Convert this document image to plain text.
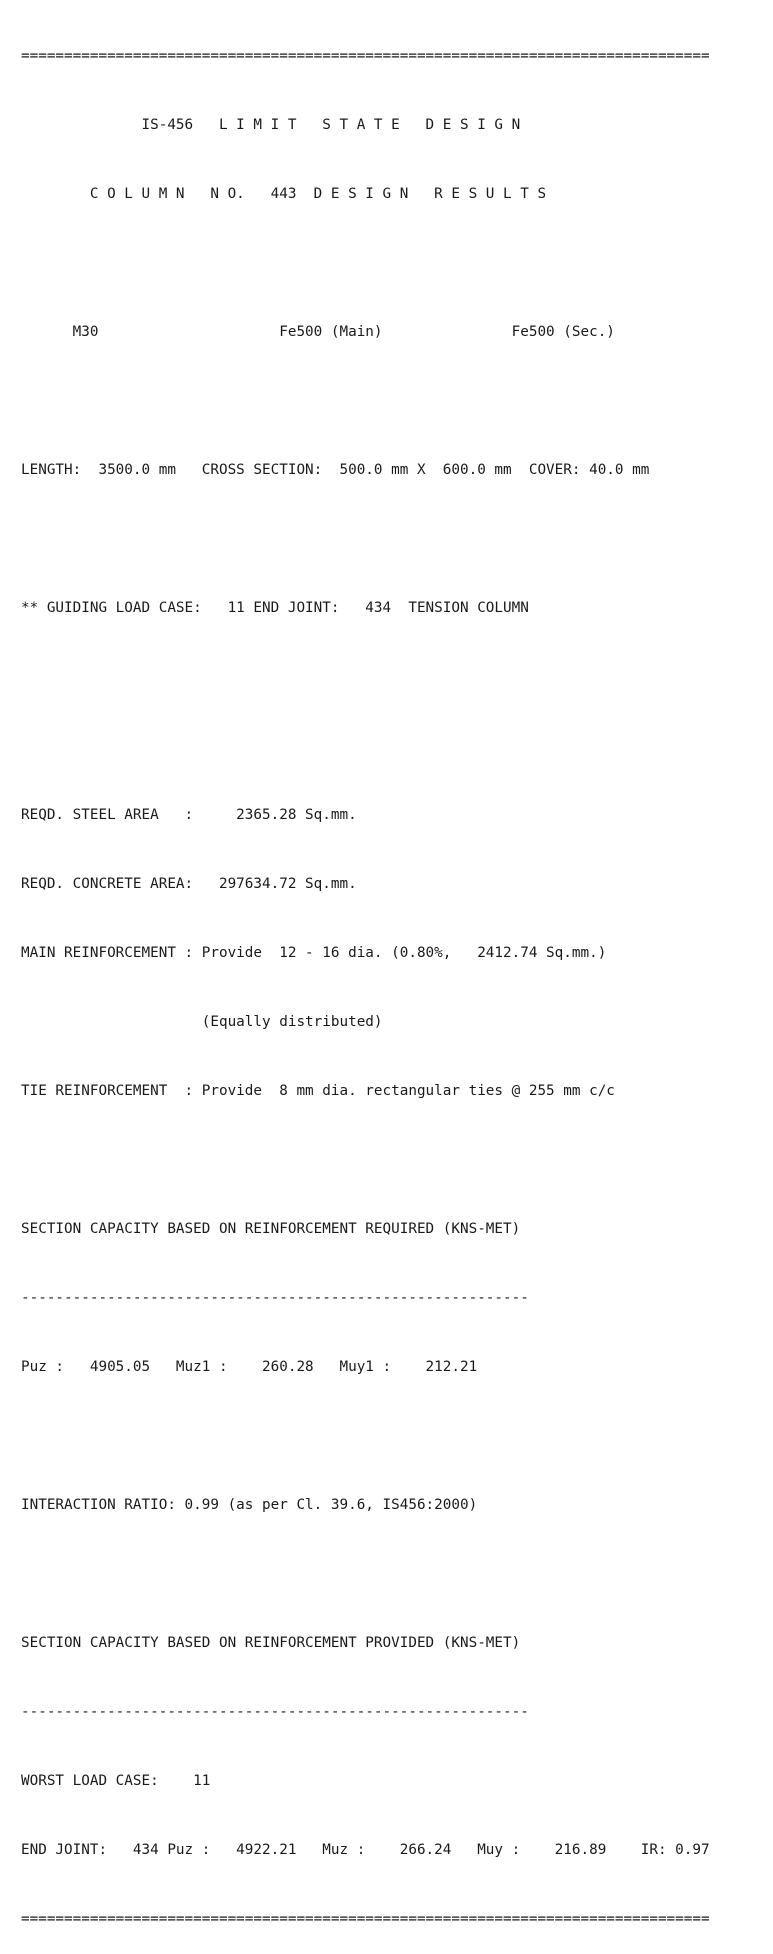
================================================================================

IS-456   L I M I T   S T A T E   D E S I G N

C O L U M N   N O.   443  D E S I G N   R E S U L T S

M30                     Fe500 (Main)               Fe500 (Sec.)

LENGTH:  3500.0 mm   CROSS SECTION:  500.0 mm X  600.0 mm  COVER: 40.0 mm

** GUIDING LOAD CASE:   11 END JOINT:   434  TENSION COLUMN

REQD. STEEL AREA   :     2365.28 Sq.mm.

REQD. CONCRETE AREA:   297634.72 Sq.mm.

MAIN REINFORCEMENT : Provide  12 - 16 dia. (0.80%,   2412.74 Sq.mm.)

(Equally distributed)

TIE REINFORCEMENT  : Provide  8 mm dia. rectangular ties @ 255 mm c/c

SECTION CAPACITY BASED ON REINFORCEMENT REQUIRED (KNS-MET)

-----------------------------------------------------------

Puz :   4905.05   Muz1 :    260.28   Muy1 :    212.21

INTERACTION RATIO: 0.99 (as per Cl. 39.6, IS456:2000)

SECTION CAPACITY BASED ON REINFORCEMENT PROVIDED (KNS-MET)

-----------------------------------------------------------

WORST LOAD CASE:    11

END JOINT:   434 Puz :   4922.21   Muz :    266.24   Muy :    216.89    IR: 0.97

================================================================================
